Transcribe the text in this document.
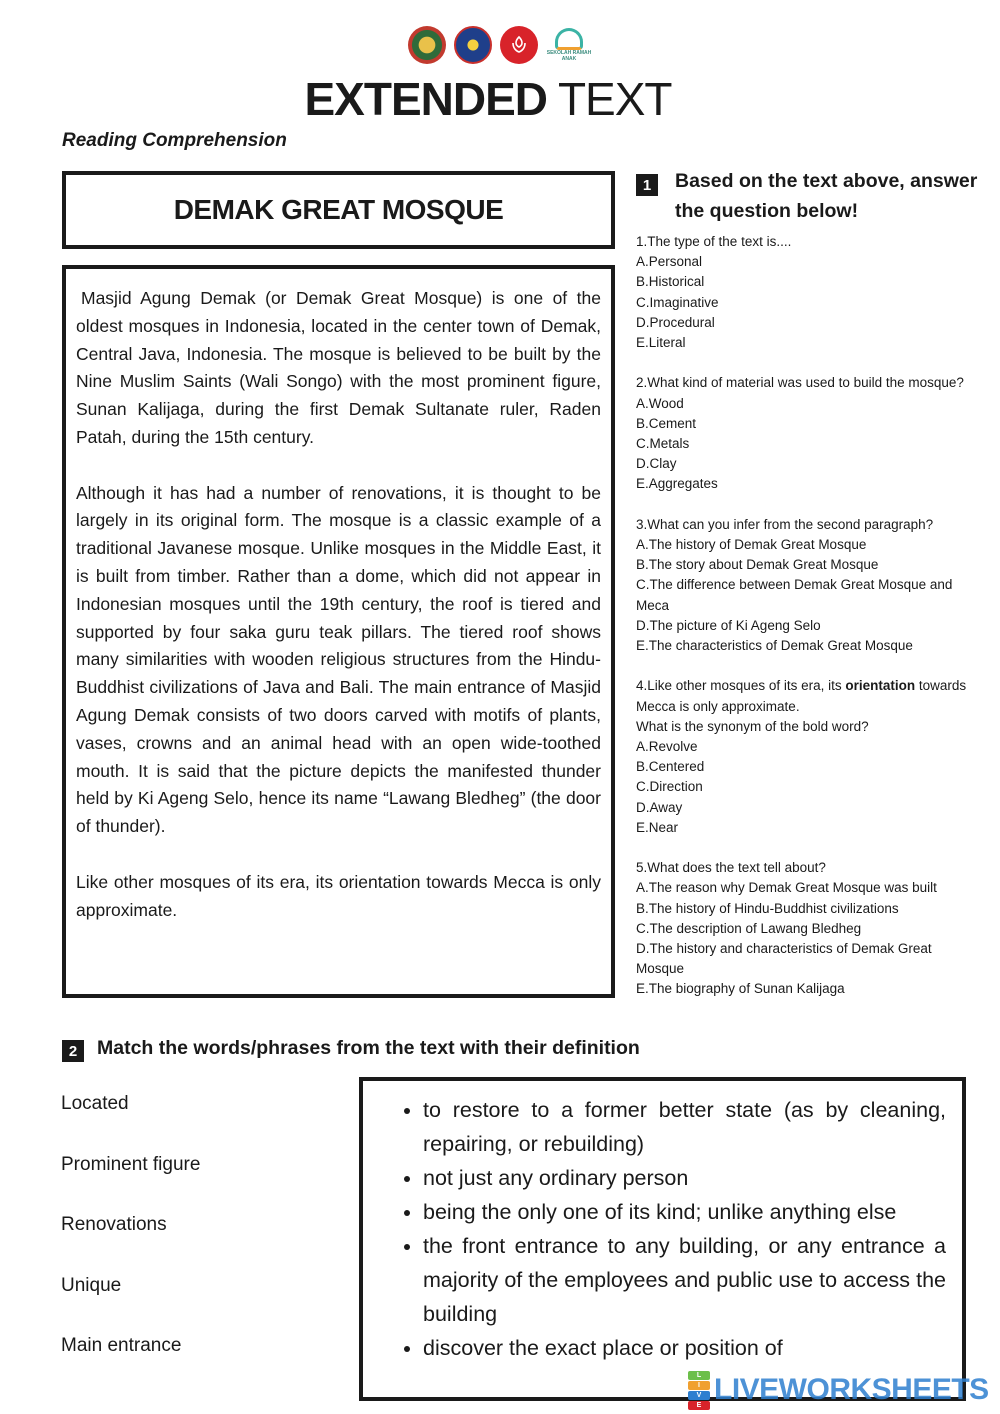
SEKOLAH RAMAH ANAK
EXTENDED TEXT
Reading Comprehension
DEMAK GREAT MOSQUE

Masjid Agung Demak (or Demak Great Mosque) is one of the oldest mosques in Indonesia, located in the center town of Demak, Central Java, Indonesia. The mosque is believed to be built by the Nine Muslim Saints (Wali Songo) with the most prominent figure, Sunan Kalijaga, during the first Demak Sultanate ruler, Raden Patah, during the 15th century.

Although it has had a number of renovations, it is thought to be largely in its original form. The mosque is a classic example of a traditional Javanese mosque. Unlike mosques in the Middle East, it is built from timber. Rather than a dome, which did not appear in Indonesian mosques until the 19th century, the roof is tiered and supported by four saka guru teak pillars. The tiered roof shows many similarities with wooden religious structures from the Hindu-Buddhist civilizations of Java and Bali. The main entrance of Masjid Agung Demak consists of two doors carved with motifs of plants, vases, crowns and an animal head with an open wide-toothed mouth. It is said that the picture depicts the manifested thunder held by Ki Ageng Selo, hence its name “Lawang Bledheg” (the door of thunder).

Like other mosques of its era, its orientation towards Mecca is only approximate.

1	Based on the text above, answer the question below!
1.The type of the text is....
A.Personal
B.Historical
C.Imaginative
D.Procedural
E.Literal
2.What kind of material was used to build the mosque?
A.Wood
B.Cement
C.Metals
D.Clay
E.Aggregates
3.What can you infer from the second paragraph?
A.The history of Demak Great Mosque
B.The story about Demak Great Mosque
C.The difference between Demak Great Mosque and Meca
D.The picture of Ki Ageng Selo
E.The characteristics of Demak Great Mosque
4.Like other mosques of its era, its orientation towards Mecca is only approximate.
What is the synonym of the bold word?
A.Revolve
B.Centered
C.Direction
D.Away
E.Near
5.What does the text tell about?
A.The reason why Demak Great Mosque was built
B.The history of Hindu-Buddhist civilizations
C.The description of Lawang Bledheg
D.The history and characteristics of Demak Great Mosque
E.The biography of Sunan Kalijaga
2	Match the words/phrases from the text with their definition
Located
Prominent figure
Renovations
Unique
Main entrance
• to restore to a former better state (as by cleaning, repairing, or rebuilding)
• not just any ordinary person
• being the only one of its kind; unlike anything else
• the front entrance to any building, or any entrance a majority of the employees and public use to access the building
• discover the exact place or position of
L
I
V
E LIVEWORKSHEETS
